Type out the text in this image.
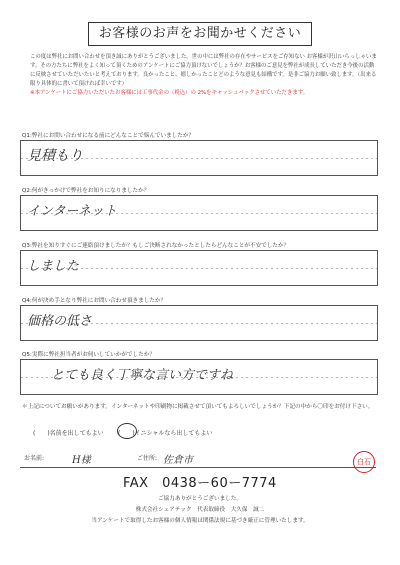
お客様のお声をお聞かせください

この度は弊社にお問い合わせを頂き誠にありがとうございました。世の中には弊社の存在やサービスをご存知ない お客様が沢山いらっしゃいます。その方たちに弊社をよく知って頂くためのアンケートにご協力頂けないでしょうか？お客様のご意見を弊社が成長していただき今後の活動に反映させていただいたいと考えております。良かったこと、嬉しかったことどのような意見も結構です。是非ご協力お願い致します。（出来る限り具体的に書いて頂ければ幸いです）

※本アンケートにご協力いただいたお客様には工事代金の（税込）の 2%をキャッシュバックさせていただきます。

Q1:弊社にお問い合わせになる前にどんなことで悩んでいましたか？
見積もり
Q2:何がきっかけで弊社をお知りになりましたか？
インターネット
Q3:弊社を知りすぐにご連絡頂けましたか？もしご決断されなかったとしたらどんなことが不安でしたか？
しました
Q4:何が決め手となり弊社にお問い合わせ頂きましたか？
価格の低さ
Q5:実際に弊社担当者がお伺いしていかがでしたか？
とても良く丁寧な言い方ですね
＊上記についてお願いがあります。インターネットや印刷物に掲載させて頂いてもよろしいでしょうか？下記の中から〇印をお付け下さい。
(　　)名前を出してもよい (　　)イニシャルなら出してもよい
お名前:	H様	ご住所: 佐倉市	白石
FAX　0438ー60ー7774
ご協力ありがとうございました。
株式会社シェアテック　代表取締役　大久保　誠二
当アンケートで取得したお客様の個人情報は関係法規に基づき厳正に管理いたします。
